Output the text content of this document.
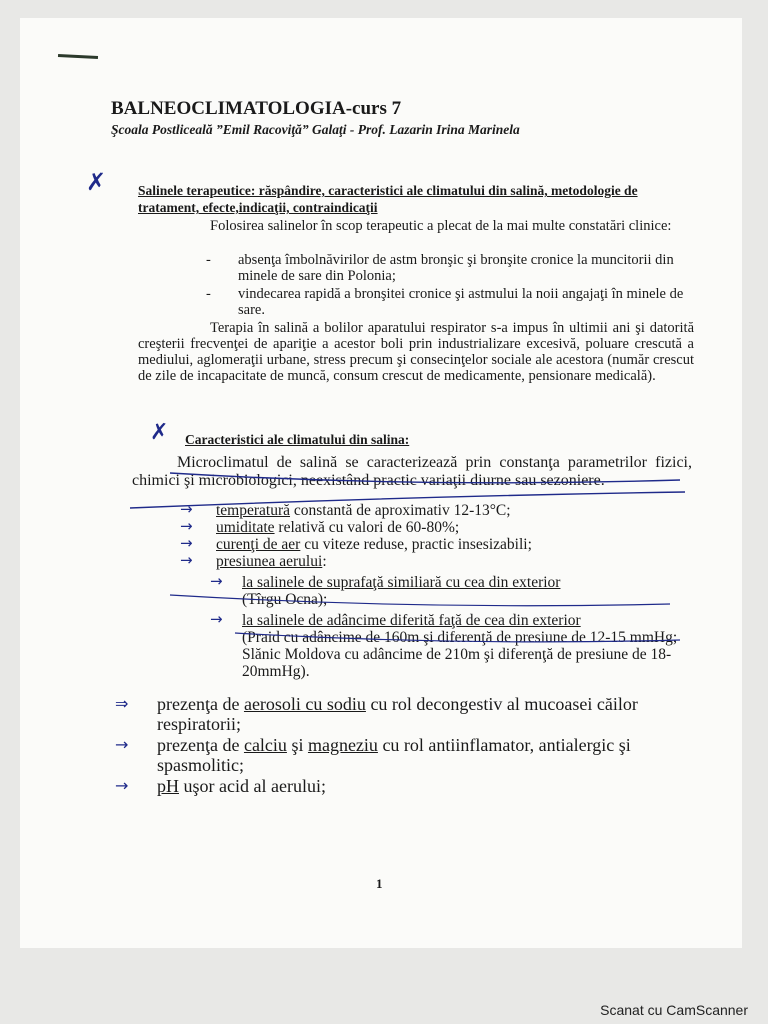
BALNEOCLIMATOLOGIA-curs 7
Şcoala Postliceală ”Emil Racoviţă” Galaţi - Prof. Lazarin Irina Marinela
✗ Salinele terapeutice: răspândire, caracteristici ale climatului din salină, metodologie de tratament, efecte,indicaţii, contraindicaţii
Folosirea salinelor în scop terapeutic a plecat de la mai multe constatări clinice:
- absenţa îmbolnăvirilor de astm bronşic şi bronşite cronice la muncitorii din minele de sare din Polonia;
- vindecarea rapidă a bronşitei cronice şi astmului la noii angajaţi în minele de sare.
Terapia în salină a bolilor aparatului respirator s-a impus în ultimii ani şi datorită creşterii frecvenţei de apariţie a acestor boli prin industrializare excesivă, poluare crescută a mediului, aglomeraţii urbane, stress precum şi consecinţelor sociale ale acestora (număr crescut de zile de incapacitate de muncă, consum crescut de medicamente, pensionare medicală).
✗ Caracteristici ale climatului din salina:
Microclimatul de salină se caracterizează prin constanţa parametrilor fizici, chimici şi microbiologici, neexistând practic variaţii diurne sau sezoniere.
→ temperatură constantă de aproximativ 12-13°C;
→ umiditate relativă cu valori de 60-80%;
→ curenţi de aer cu viteze reduse, practic insesizabili;
→ presiunea aerului:
→ la salinele de suprafaţă similiară cu cea din exterior
(Tîrgu Ocna);
→ la salinele de adâncime diferită faţă de cea din exterior
(Praid cu adâncime de 160m şi diferenţă de presiune de 12-15 mmHg; Slănic Moldova cu adâncime de 210m şi diferenţă de presiune de 18-20mmHg).
⇒ prezenţa de aerosoli cu sodiu cu rol decongestiv al mucoasei căilor respiratorii;
→ prezenţa de calciu şi magneziu cu rol antiinflamator, antialergic şi spasmolitic;
→ pH uşor acid al aerului;
1
Scanat cu CamScanner
